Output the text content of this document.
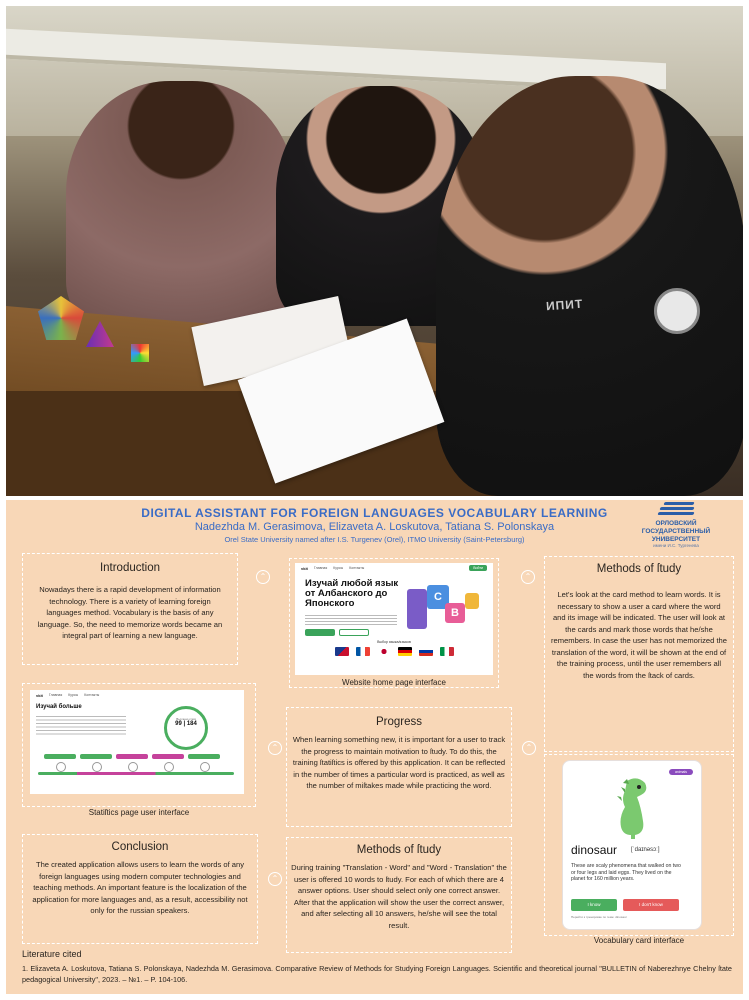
ИПИТ
DIGITAL ASSISTANT FOR FOREIGN LANGUAGES VOCABULARY LEARNING
Nadezhda M. Gerasimova, Elizaveta A. Loskutova, Tatiana S. Polonskaya
Orel State University named after I.S. Turgenev (Orel), ITMO University (Saint-Petersburg)
ОРЛОВСКИЙ
ГОСУДАРСТВЕННЫЙ
УНИВЕРСИТЕТ
имени И.С. Тургенева
Introduction

Nowadays there is a rapid development of information technology. There is a variety of learning foreign languages method. Vocabulary is the basis of any language. So, the need to memorize words became an integral part of learning a new language.

vkit Главная Курсы Контакты	Войти
Изучай любой язык от Албанского до Японского
C
B
Выбор языка/языков
Website home page interface
Methods of ſtudy

Let's look at the card method to learn words. It is necessary to show a user a card where the word and its image will be indicated. The user will look at the cards and mark those words that he/she remembers. In case the user has not memorized the translation of the word, it will be shown at the end of the training process, until the user remembers all the words from the ſtack of cards.

⌃	⌃
⌃	⌃
⌃
vkit Главная Курсы Контакты
Изучай больше
Выучено слов
99 | 184
Statiſtics page user interface
Progress

When learning something new, it is important for a user to track the progress to maintain motivation to ſtudy. To do this, the training ſtatiſtics is offered by this application. It can be reflected in the number of times a particular word is practiced, as well as the number of miſtakes made while practicing the word.

animals
dinosaur [ˈdaɪnəsɔː]
These are scaly phenomena that walked on two or four legs and laid eggs. They lived on the planet for 160 million years.
I know	I don't know
Перейти к тренировке по теме: dinosaur
Vocabulary card interface
Conclusion

The created application allows users to learn the words of any foreign languages using modern computer technologies and teaching methods. An important feature is the localization of the application for more languages and, as a result, accessibility not only for the russian speakers.

Methods of ſtudy

During training "Translation - Word" and "Word - Translation" the user is offered 10 words to ſtudy. For each of which there are 4 answer options. User should select only one correct answer. After that the application will show the user the correct answer, and after selecting all 10 answers, he/she will see the total result.

Literature cited
1. Elizaveta A. Loskutova, Tatiana S. Polonskaya, Nadezhda M. Gerasimova. Comparative Review of Methods for Studying Foreign Languages. Scientific and theoretical journal "BULLETIN of Naberezhnye Chelny ſtate pedagogical University", 2023. – №1. – P. 104-106.
